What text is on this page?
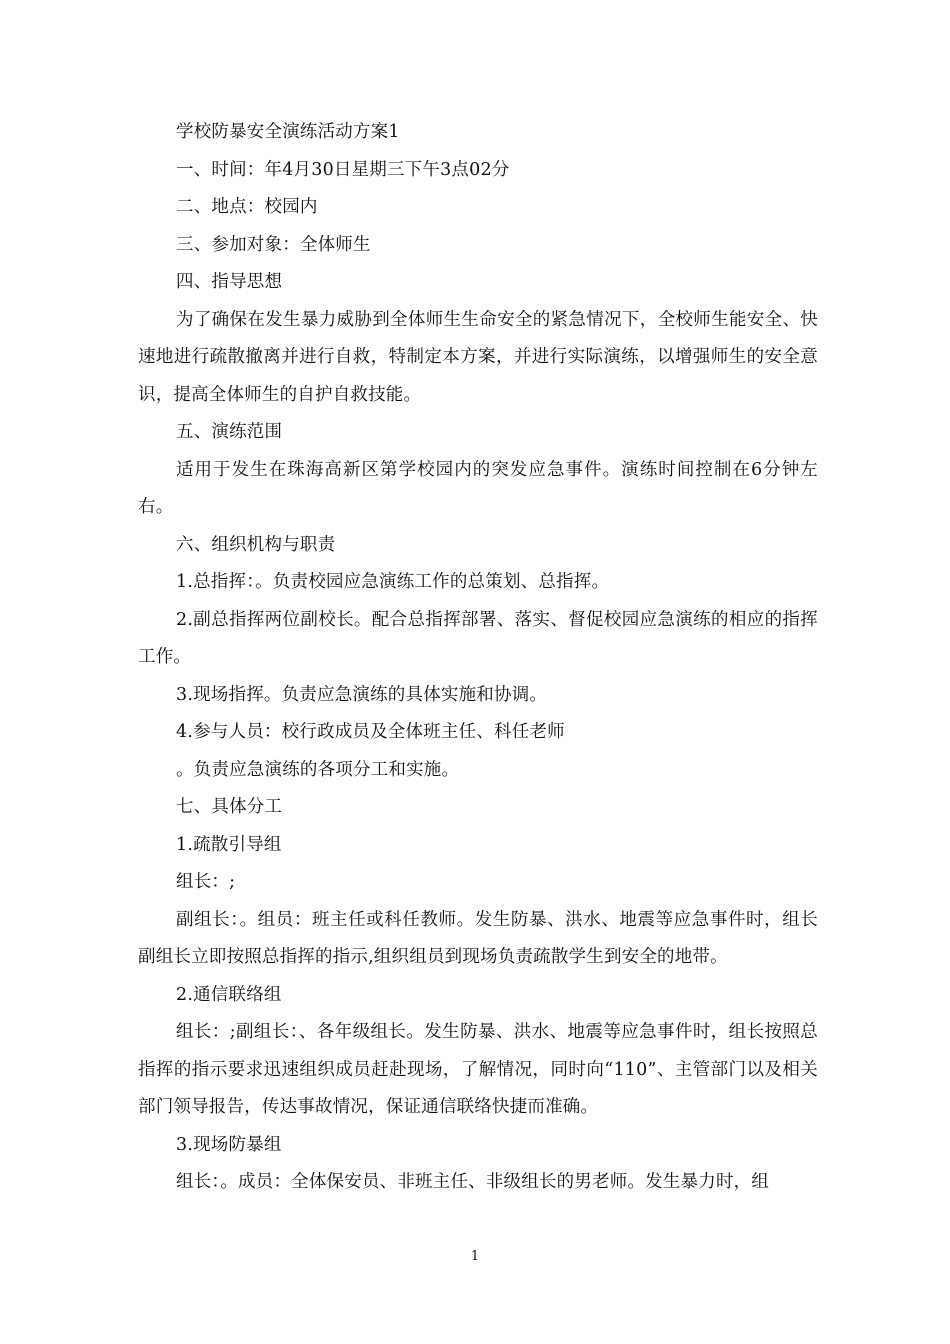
学校防暴安全演练活动方案1

一、时间：年4月30日星期三下午3点02分

二、地点：校园内

三、参加对象：全体师生

四、指导思想

为了确保在发生暴力威胁到全体师生生命安全的紧急情况下，全校师生能安全、快速地进行疏散撤离并进行自救，特制定本方案，并进行实际演练，以增强师生的安全意识，提高全体师生的自护自救技能。

五、演练范围

适用于发生在珠海高新区第学校园内的突发应急事件。演练时间控制在6分钟左右。

六、组织机构与职责

1.总指挥：。负责校园应急演练工作的总策划、总指挥。

2.副总指挥两位副校长。配合总指挥部署、落实、督促校园应急演练的相应的指挥工作。

3.现场指挥。负责应急演练的具体实施和协调。

4.参与人员：校行政成员及全体班主任、科任老师

。负责应急演练的各项分工和实施。

七、具体分工

1.疏散引导组

组长：;

副组长：。组员：班主任或科任教师。发生防暴、洪水、地震等应急事件时，组长副组长立即按照总指挥的指示,组织组员到现场负责疏散学生到安全的地带。

2.通信联络组

组长：;副组长：、各年级组长。发生防暴、洪水、地震等应急事件时，组长按照总指挥的指示要求迅速组织成员赶赴现场，了解情况，同时向“110”、主管部门以及相关部门领导报告，传达事故情况，保证通信联络快捷而准确。

3.现场防暴组

组长：。成员：全体保安员、非班主任、非级组长的男老师。发生暴力时，组

1
